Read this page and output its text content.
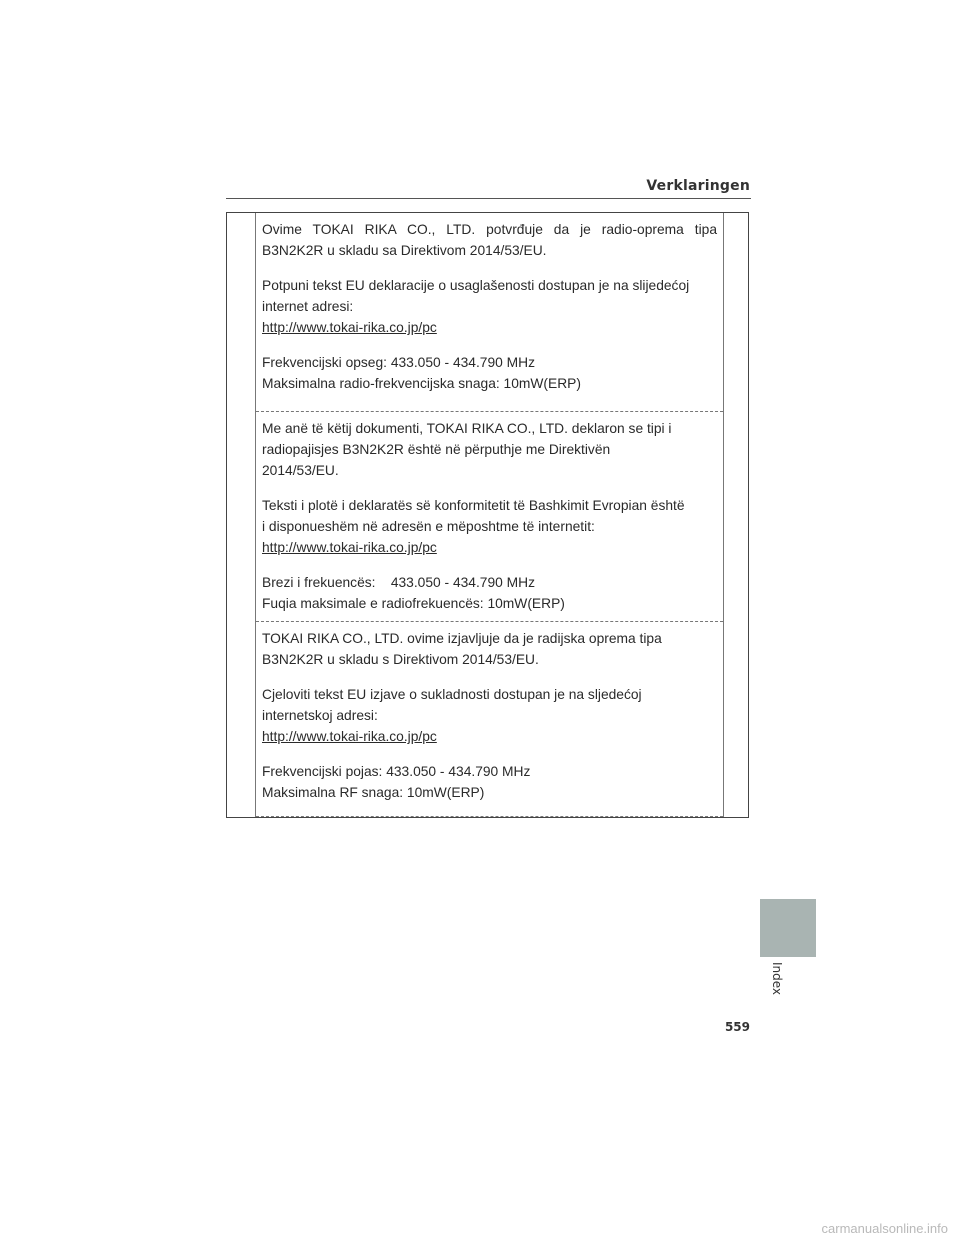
Verklaringen

Ovime TOKAI RIKA CO., LTD. potvrđuje da je radio-oprema tipa
B3N2K2R u skladu sa Direktivom 2014/53/EU.

Potpuni tekst EU deklaracije o usaglašenosti dostupan je na slijedećoj
internet adresi:
http://www.tokai-rika.co.jp/pc

Frekvencijski opseg: 433.050 - 434.790 MHz
Maksimalna radio-frekvencijska snaga: 10mW(ERP)

Me anë të këtij dokumenti, TOKAI RIKA CO., LTD. deklaron se tipi i
radiopajisjes B3N2K2R është në përputhje me Direktivën
2014/53/EU.

Teksti i plotë i deklaratës së konformitetit të Bashkimit Evropian është
i disponueshëm në adresën e mëposhtme të internetit:
http://www.tokai-rika.co.jp/pc

Brezi i frekuencës:    433.050 - 434.790 MHz
Fuqia maksimale e radiofrekuencës: 10mW(ERP)

TOKAI RIKA CO., LTD. ovime izjavljuje da je radijska oprema tipa
B3N2K2R u skladu s Direktivom 2014/53/EU.

Cjeloviti tekst EU izjave o sukladnosti dostupan je na sljedećoj
internetskoj adresi:
http://www.tokai-rika.co.jp/pc

Frekvencijski pojas: 433.050 - 434.790 MHz
Maksimalna RF snaga: 10mW(ERP)

Index
559
carmanualsonline.info
